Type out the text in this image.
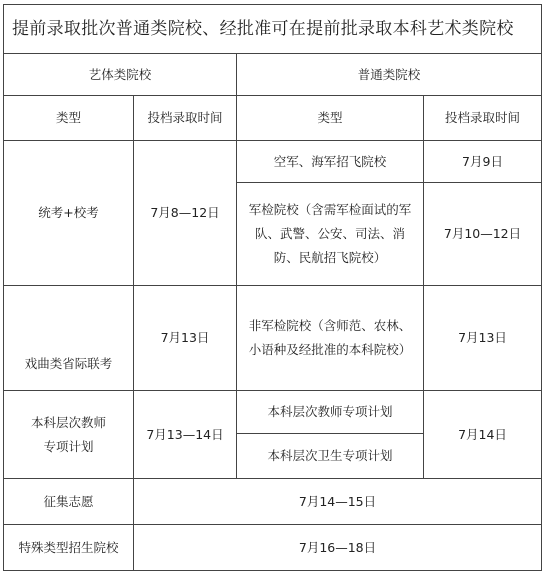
提前录取批次普通类院校、经批准可在提前批录取本科艺术类院校			
艺体类院校		普通类院校	
类型	投档录取时间	类型	投档录取时间
统考+校考	7月8—12日	空军、海军招飞院校	7月9日
		军检院校（含需军检面试的军队、武警、公安、司法、消防、民航招飞院校）	7月10—12日
戏曲类省际联考	7月13日	非军检院校（含师范、农林、小语种及经批准的本科院校）	7月13日
本科层次教师专项计划	7月13—14日	本科层次教师专项计划	7月14日
		本科层次卫生专项计划	
征集志愿	7月14—15日		
特殊类型招生院校	7月16—18日		
